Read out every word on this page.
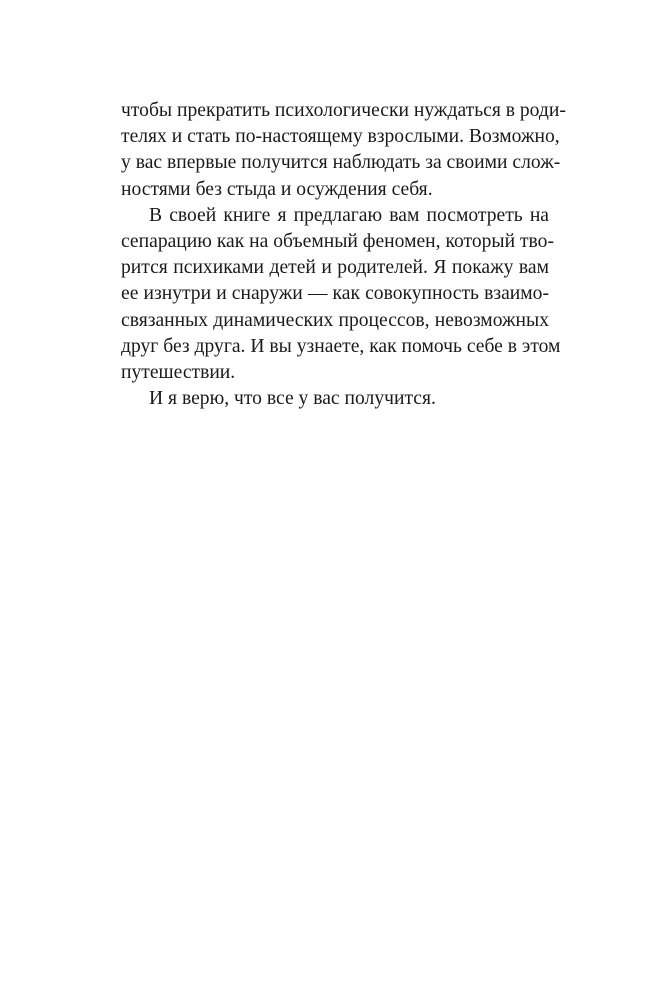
чтобы прекратить психологически нуждаться в роди-
телях и стать по-настоящему взрослыми. Возможно,
у вас впервые получится наблюдать за своими слож-
ностями без стыда и осуждения себя.
В своей книге я предлагаю вам посмотреть на
сепарацию как на объемный феномен, который тво-
рится психиками детей и родителей. Я покажу вам
ее изнутри и снаружи — как совокупность взаимо-
связанных динамических процессов, невозможных
друг без друга. И вы узнаете, как помочь себе в этом
путешествии.
И я верю, что все у вас получится.
